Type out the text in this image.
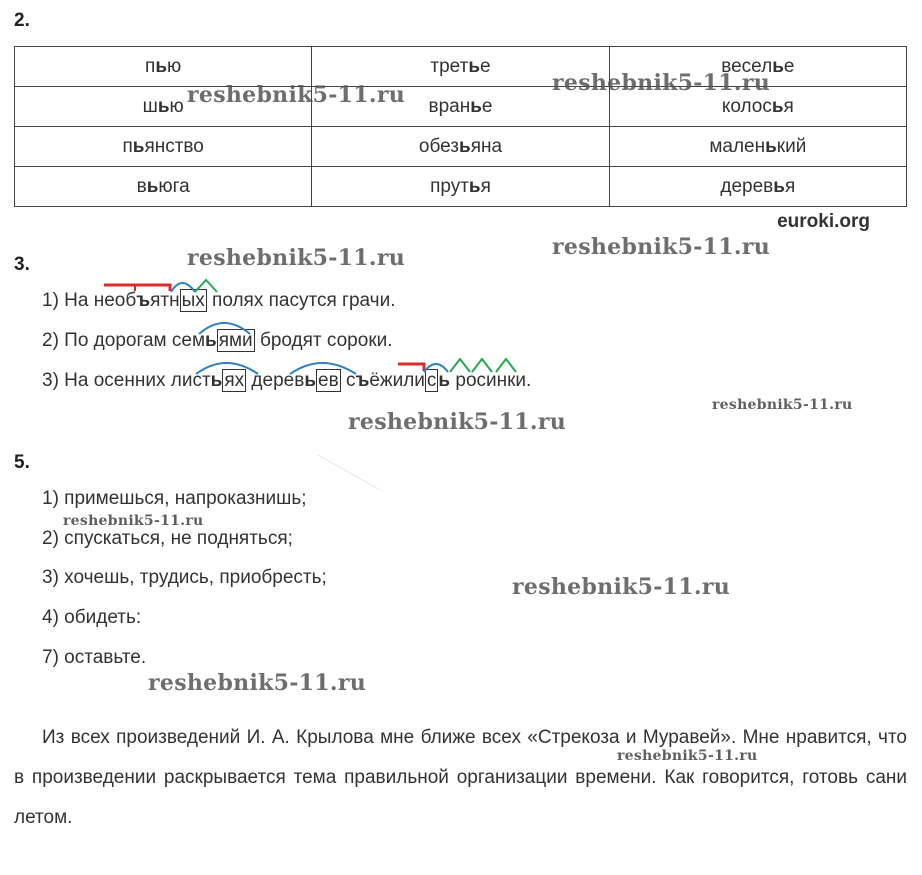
2.
пью	третье	веселье
шью	вранье	колосья
пьянство	обезьяна	маленький
вьюга	прутья	деревья
euroki.org
3.
1) На необъятн ых полях пасутся грачи.
2) По дорогам семь ями бродят сороки.
3) На осенних листь ях деревь ев съёжили с ь росинки.
5.
1) примешься, напроказнишь;
2) спускаться, не подняться;
3) хочешь, трудись, приобресть;
4) обидеть:
7) оставьте.
Из всех произведений И. А. Крылова мне ближе всех «Стрекоза и Муравей». Мне нравится, что в произведении раскрывается тема правильной организации времени. Как говорится, готовь сани летом.
reshebnik5-11.ru	reshebnik5-11.ru
reshebnik5-11.ru	reshebnik5-11.ru
reshebnik5-11.ru
reshebnik5-11.ru
reshebnik5-11.ru
reshebnik5-11.ru
reshebnik5-11.ru
reshebnik5-11.ru
